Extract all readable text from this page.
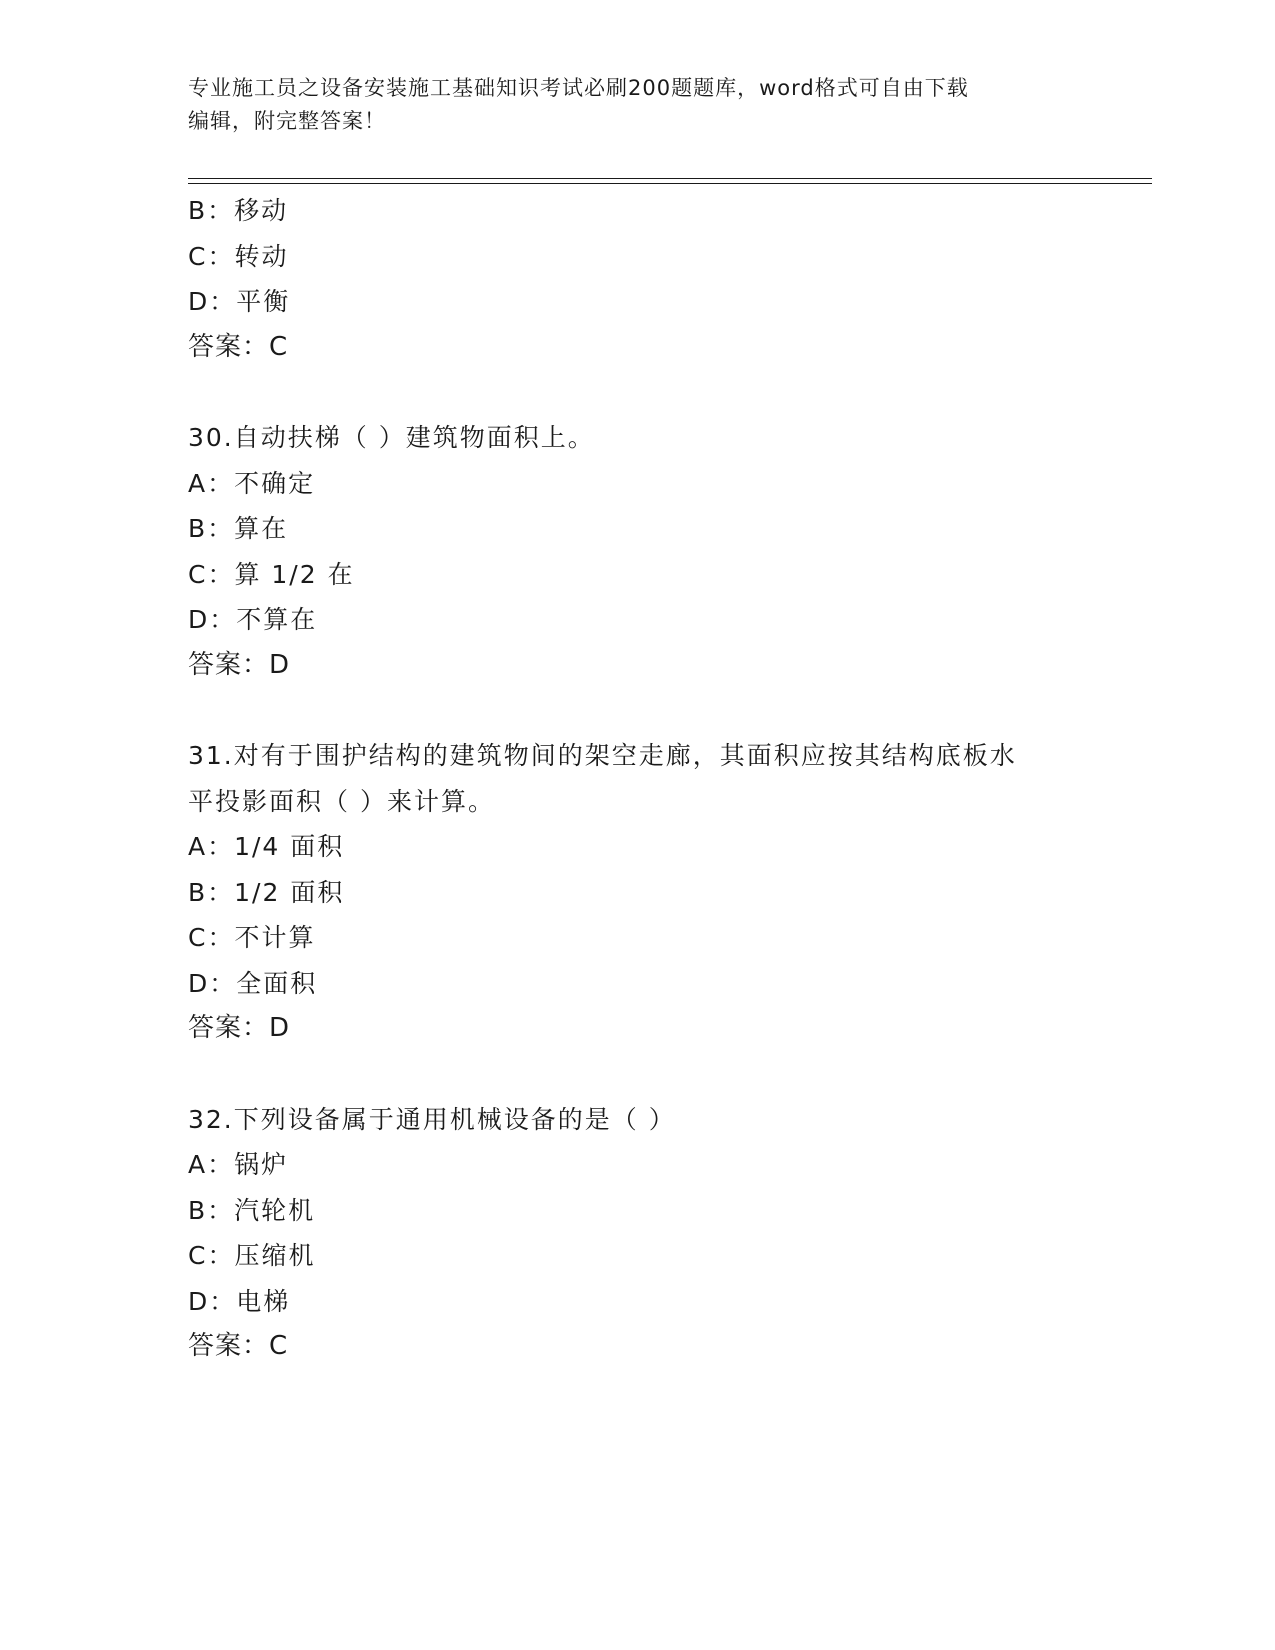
专业施工员之设备安装施工基础知识考试必刷200题题库，word格式可自由下载
编辑，附完整答案！
B：移动
C：转动
D：平衡
答案：C
30.自动扶梯（ ）建筑物面积上。
A：不确定
B：算在
C：算 1/2 在
D：不算在
答案：D
31.对有于围护结构的建筑物间的架空走廊，其面积应按其结构底板水
平投影面积（ ）来计算。
A：1/4 面积
B：1/2 面积
C：不计算
D：全面积
答案：D
32.下列设备属于通用机械设备的是（ ）
A：锅炉
B：汽轮机
C：压缩机
D：电梯
答案：C
